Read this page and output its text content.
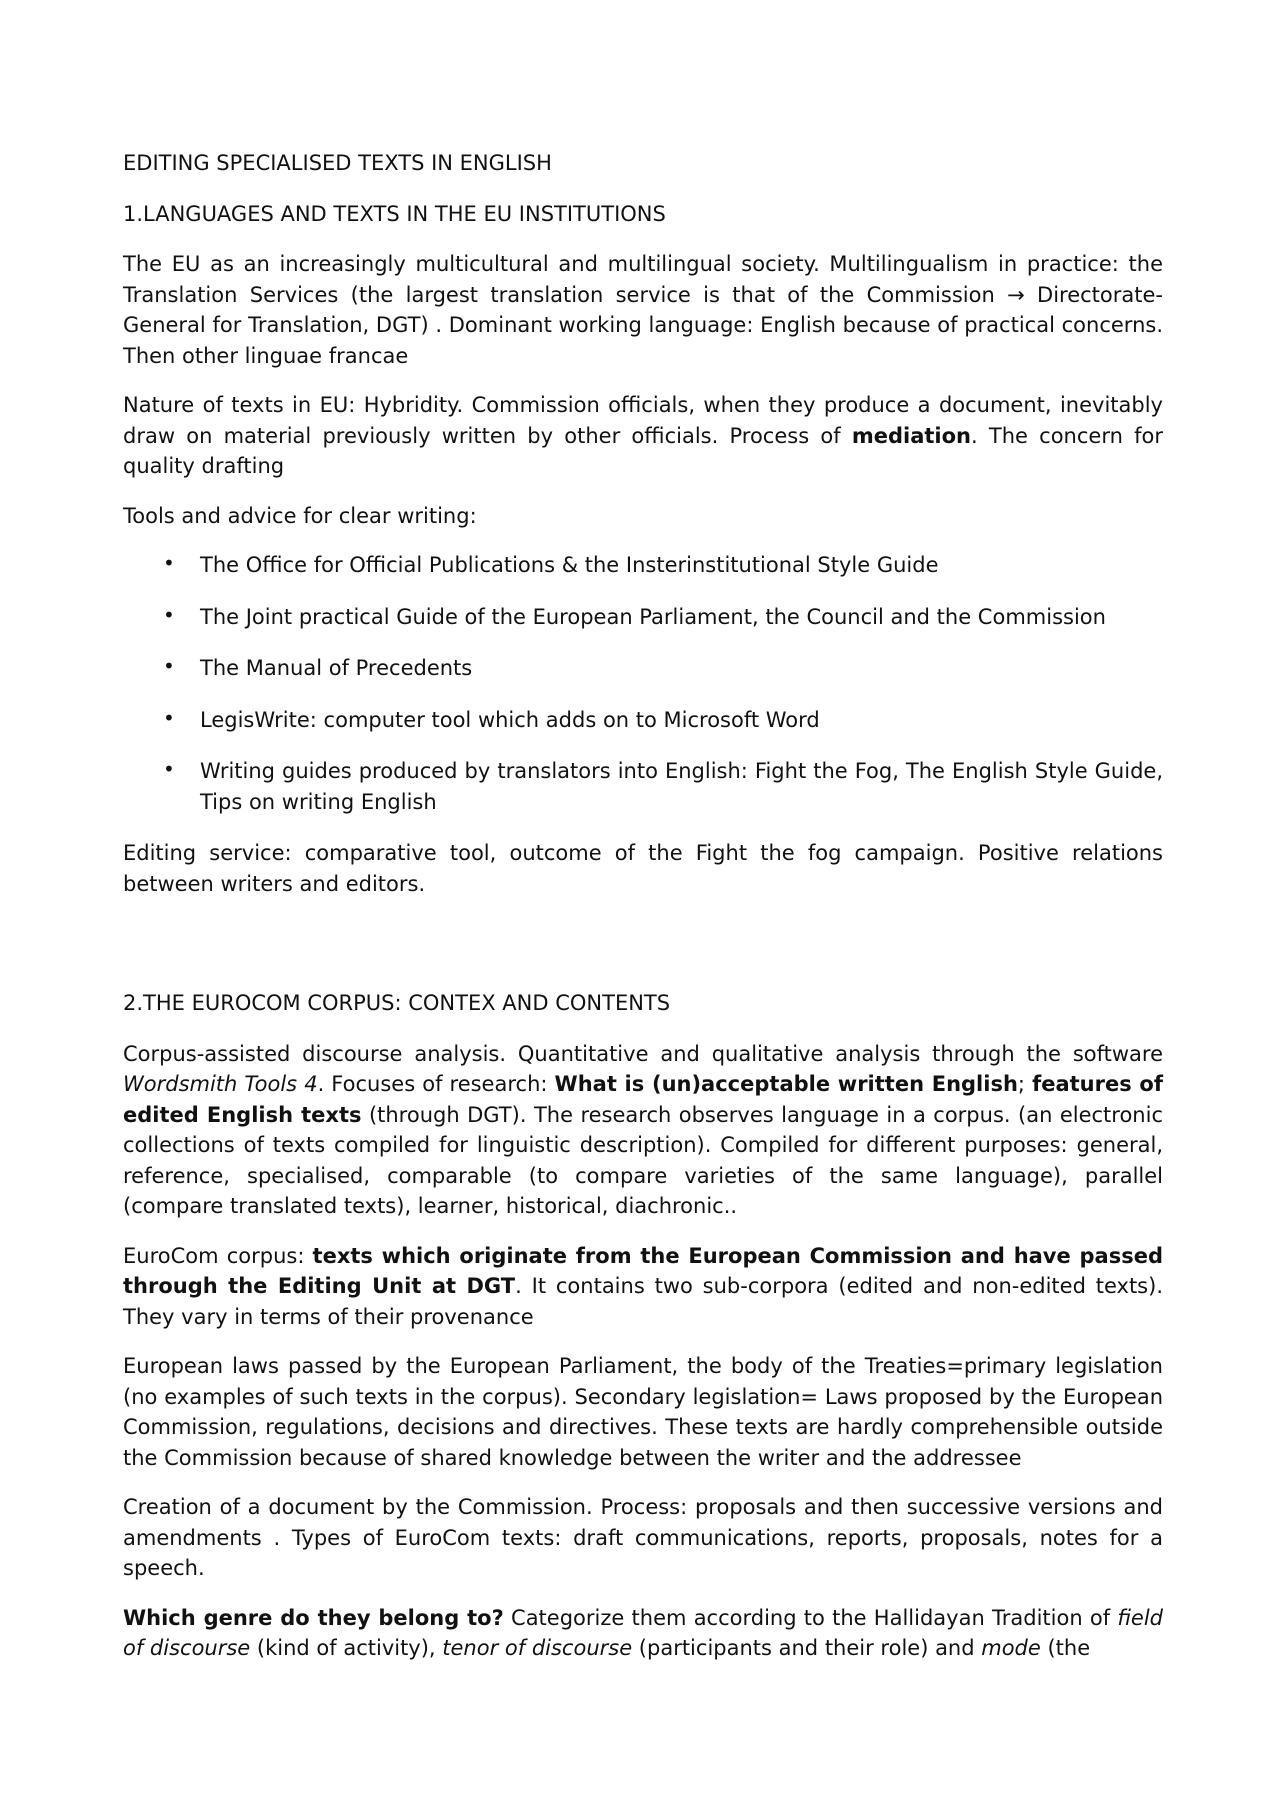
EDITING SPECIALISED TEXTS IN ENGLISH
1.LANGUAGES AND TEXTS IN THE EU INSTITUTIONS

The EU as an increasingly multicultural and multilingual society. Multilingualism in practice: the Translation Services (the largest translation service is that of the Commission → Directorate-General for Translation, DGT) . Dominant working language: English because of practical concerns. Then other linguae francae

Nature of texts in EU: Hybridity. Commission officials, when they produce a document, inevitably draw on material previously written by other officials. Process of mediation. The concern for quality drafting

Tools and advice for clear writing:

• The Office for Official Publications & the Insterinstitutional Style Guide
• The Joint practical Guide of the European Parliament, the Council and the Commission
• The Manual of Precedents
• LegisWrite: computer tool which adds on to Microsoft Word
• Writing guides produced by translators into English: Fight the Fog, The English Style Guide, Tips on writing English

Editing service: comparative tool, outcome of the Fight the fog campaign. Positive relations between writers and editors.

2.THE EUROCOM CORPUS: CONTEX AND CONTENTS

Corpus-assisted discourse analysis. Quantitative and qualitative analysis through the software Wordsmith Tools 4. Focuses of research: What is (un)acceptable written English; features of edited English texts (through DGT). The research observes language in a corpus. (an electronic collections of texts compiled for linguistic description). Compiled for different purposes: general, reference, specialised, comparable (to compare varieties of the same language), parallel (compare translated texts), learner, historical, diachronic..

EuroCom corpus: texts which originate from the European Commission and have passed through the Editing Unit at DGT. It contains two sub-corpora (edited and non-edited texts). They vary in terms of their provenance

European laws passed by the European Parliament, the body of the Treaties=primary legislation (no examples of such texts in the corpus). Secondary legislation= Laws proposed by the European Commission, regulations, decisions and directives. These texts are hardly comprehensible outside the Commission because of shared knowledge between the writer and the addressee

Creation of a document by the Commission. Process: proposals and then successive versions and amendments . Types of EuroCom texts: draft communications, reports, proposals, notes for a speech.

Which genre do they belong to? Categorize them according to the Hallidayan Tradition of field of discourse (kind of activity), tenor of discourse (participants and their role) and mode (the
